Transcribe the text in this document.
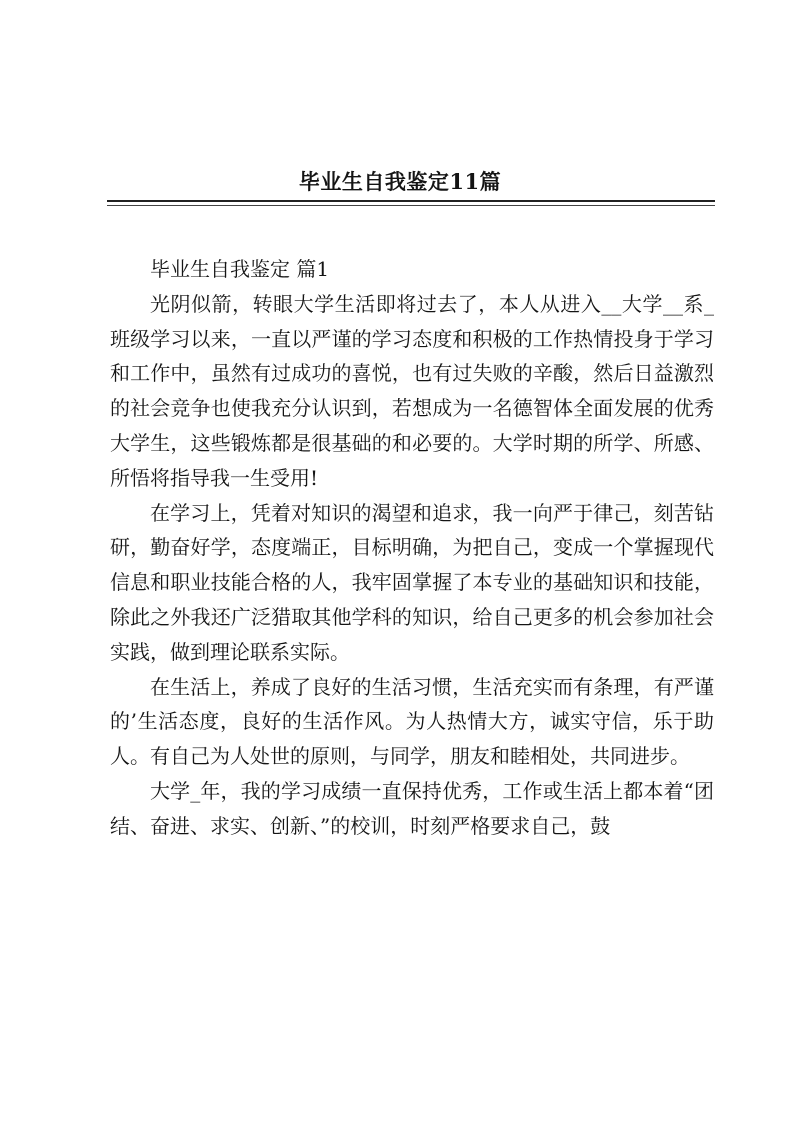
毕业生自我鉴定11篇

毕业生自我鉴定 篇1

光阴似箭，转眼大学生活即将过去了，本人从进入__大学__系_班级学习以来，一直以严谨的学习态度和积极的工作热情投身于学习和工作中，虽然有过成功的喜悦，也有过失败的辛酸，然后日益激烈的社会竞争也使我充分认识到，若想成为一名德智体全面发展的优秀大学生，这些锻炼都是很基础的和必要的。大学时期的所学、所感、所悟将指导我一生受用!

在学习上，凭着对知识的渴望和追求，我一向严于律己，刻苦钻研，勤奋好学，态度端正，目标明确，为把自己，变成一个掌握现代信息和职业技能合格的人，我牢固掌握了本专业的基础知识和技能，除此之外我还广泛猎取其他学科的知识，给自己更多的机会参加社会实践，做到理论联系实际。

在生活上，养成了良好的生活习惯，生活充实而有条理，有严谨的’生活态度，良好的生活作风。为人热情大方，诚实守信，乐于助人。有自己为人处世的原则，与同学，朋友和睦相处，共同进步。

大学_年，我的学习成绩一直保持优秀，工作或生活上都本着“团结、奋进、求实、创新、”的校训，时刻严格要求自己，鼓
